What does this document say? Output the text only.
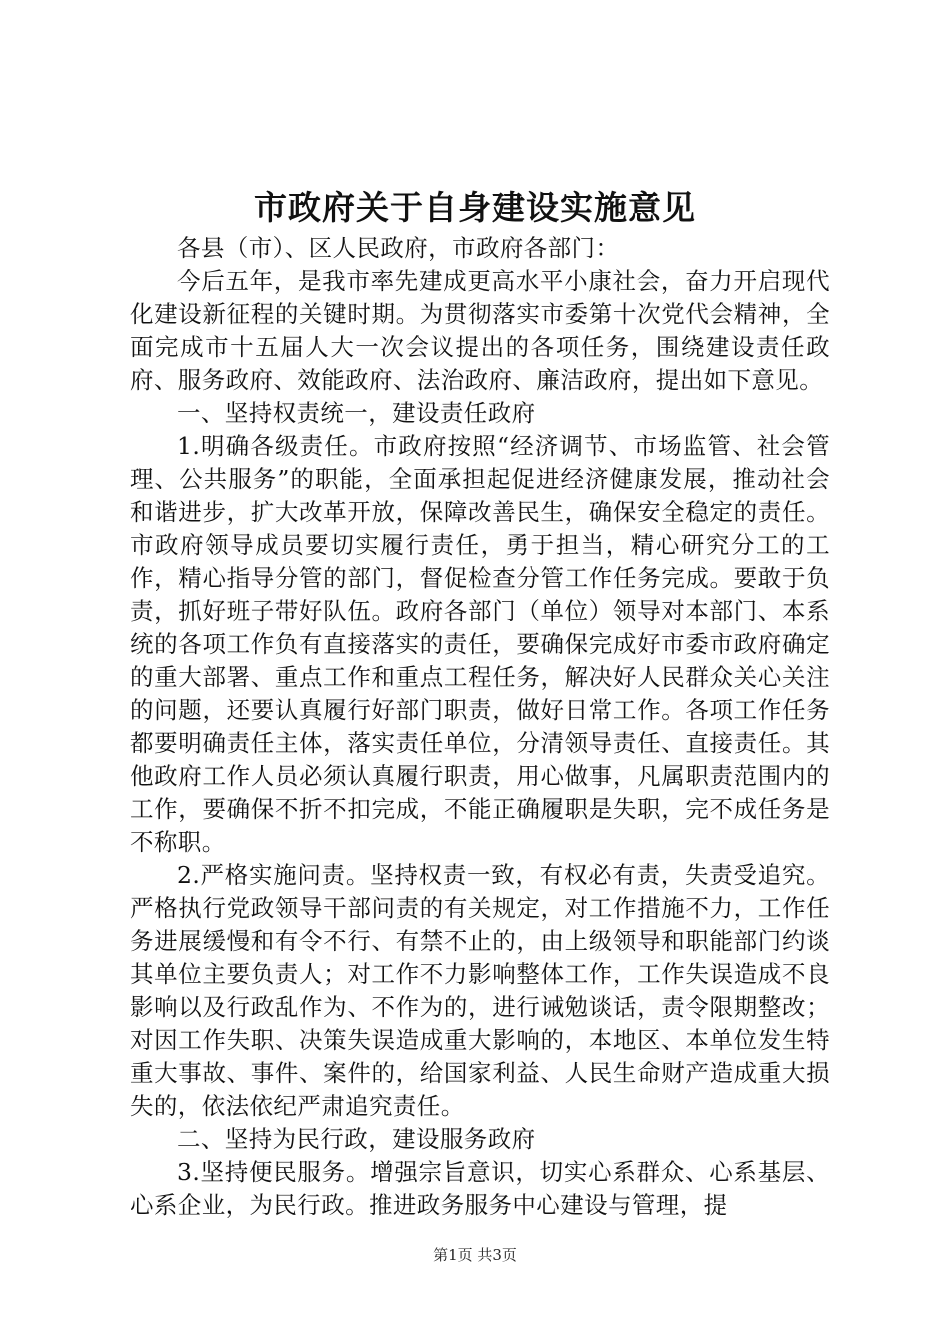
市政府关于自身建设实施意见

各县（市）、区人民政府，市政府各部门：

今后五年，是我市率先建成更高水平小康社会，奋力开启现代化建设新征程的关键时期。为贯彻落实市委第十次党代会精神，全面完成市十五届人大一次会议提出的各项任务，围绕建设责任政府、服务政府、效能政府、法治政府、廉洁政府，提出如下意见。

一、坚持权责统一，建设责任政府

1.明确各级责任。市政府按照“经济调节、市场监管、社会管理、公共服务”的职能，全面承担起促进经济健康发展，推动社会和谐进步，扩大改革开放，保障改善民生，确保安全稳定的责任。市政府领导成员要切实履行责任，勇于担当，精心研究分工的工作，精心指导分管的部门，督促检查分管工作任务完成。要敢于负责，抓好班子带好队伍。政府各部门（单位）领导对本部门、本系统的各项工作负有直接落实的责任，要确保完成好市委市政府确定的重大部署、重点工作和重点工程任务，解决好人民群众关心关注的问题，还要认真履行好部门职责，做好日常工作。各项工作任务都要明确责任主体，落实责任单位，分清领导责任、直接责任。其他政府工作人员必须认真履行职责，用心做事，凡属职责范围内的工作，要确保不折不扣完成，不能正确履职是失职，完不成任务是不称职。

2.严格实施问责。坚持权责一致，有权必有责，失责受追究。严格执行党政领导干部问责的有关规定，对工作措施不力，工作任务进展缓慢和有令不行、有禁不止的，由上级领导和职能部门约谈其单位主要负责人；对工作不力影响整体工作，工作失误造成不良影响以及行政乱作为、不作为的，进行诫勉谈话，责令限期整改；对因工作失职、决策失误造成重大影响的，本地区、本单位发生特重大事故、事件、案件的，给国家利益、人民生命财产造成重大损失的，依法依纪严肃追究责任。

二、坚持为民行政，建设服务政府

3.坚持便民服务。增强宗旨意识，切实心系群众、心系基层、心系企业，为民行政。推进政务服务中心建设与管理，提

第1页 共3页
